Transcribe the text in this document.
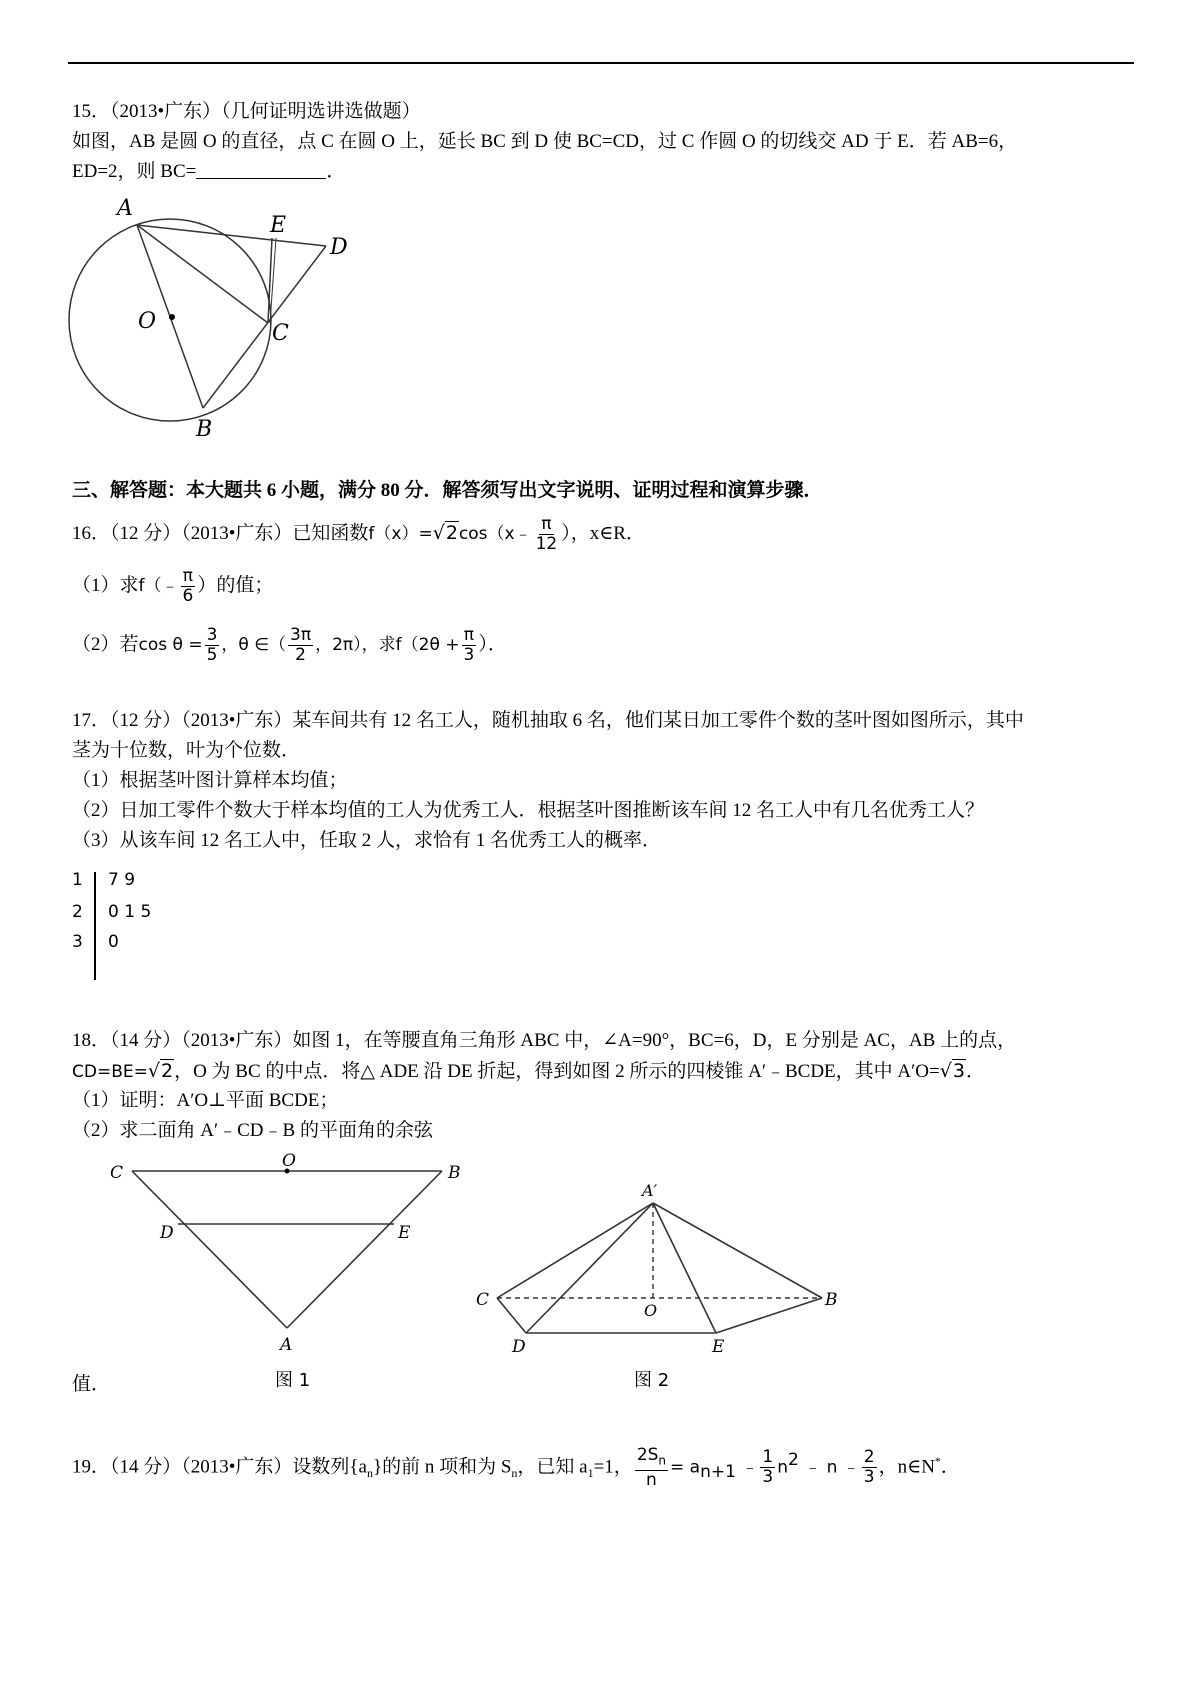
15．（2013•广东）（几何证明选讲选做题）
如图，AB 是圆 O 的直径，点 C 在圆 O 上，延长 BC 到 D 使 BC=CD，过 C 作圆 O 的切线交 AD 于 E．若 AB=6，
ED=2，则 BC=	．
A
E
D
O	C
B
三、解答题：本大题共 6 小题，满分 80 分．解答须写出文字说明、证明过程和演算步骤．
16．（12 分）（2013•广东）已知函数f（x）=√2cos（x﹣ $\frac{\pi}{12}$ ），x∈R．
（1）求f（﹣ $\frac{\pi}{6}$ ）的值；
（2）若$\cos \theta = \frac{3}{5}$ ，θ ∈（ $\frac{3\pi}{2}$ ，2π），求$f(2\theta + \frac{\pi}{3}$ ）．
17．（12 分）（2013•广东）某车间共有 12 名工人，随机抽取 6 名，他们某日加工零件个数的茎叶图如图所示，其中
茎为十位数，叶为个位数．
（1）根据茎叶图计算样本均值；
（2）日加工零件个数大于样本均值的工人为优秀工人．根据茎叶图推断该车间 12 名工人中有几名优秀工人？
（3）从该车间 12 名工人中，任取 2 人，求恰有 1 名优秀工人的概率．
1 7 9
2 0 1 5
3 0
18．（14 分）（2013•广东）如图 1，在等腰直角三角形 ABC 中，∠A=90°，BC=6，D，E 分别是 AC，AB 上的点，
CD=BE=√2，O 为 BC 的中点．将△ ADE 沿 DE 折起，得到如图 2 所示的四棱锥 A′﹣BCDE，其中 A′O=√3．
（1）证明：A′O⊥平面 BCDE；
（2）求二面角 A′﹣CD﹣B 的平面角的余弦
C
O
B
D	E
A
图 1
A′
C
O
B
D	E
图 2
值．
19．（14 分）（2013•广东）设数列$\{a_n\}$的前 n 项和为 $S_n$，已知 $a_1=1$， $\frac{2S_n}{n} = a_{n+1}$ ﹣ $\frac{1}{3} n^2$ ﹣ n ﹣ $\frac{2}{3}$ ，n∈N*．
